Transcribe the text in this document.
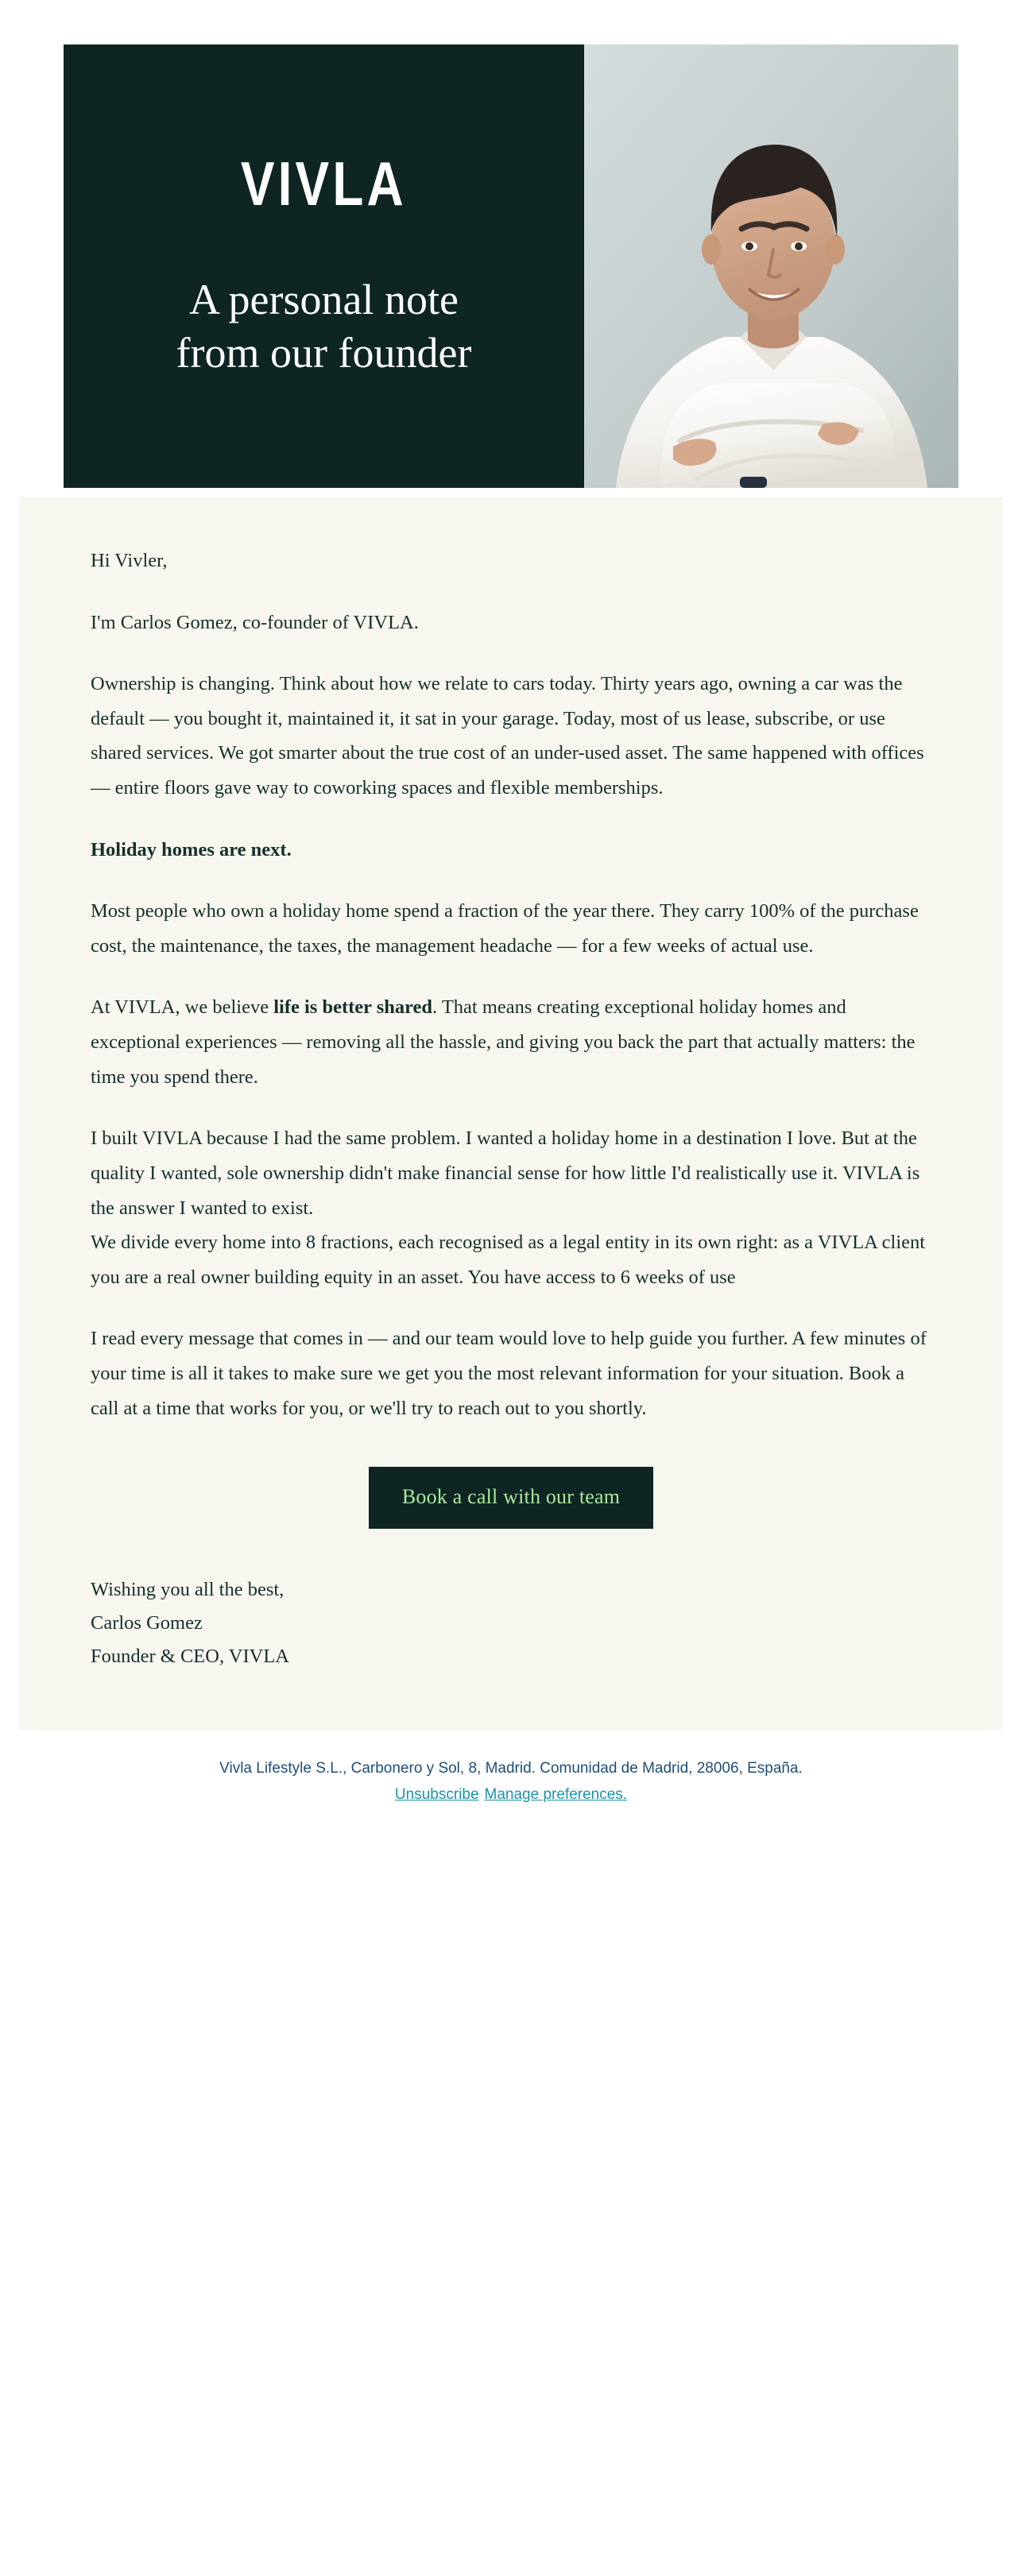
VIVLA
A personal note
from our founder

Hi Vivler,

I'm Carlos Gomez, co-founder of VIVLA.

Ownership is changing. Think about how we relate to cars today. Thirty years ago, owning a car was the default — you bought it, maintained it, it sat in your garage. Today, most of us lease, subscribe, or use shared services. We got smarter about the true cost of an under-used asset. The same happened with offices — entire floors gave way to coworking spaces and flexible memberships.

Holiday homes are next.

Most people who own a holiday home spend a fraction of the year there. They carry 100% of the purchase cost, the maintenance, the taxes, the management headache — for a few weeks of actual use.

At VIVLA, we believe life is better shared. That means creating exceptional holiday homes and exceptional experiences — removing all the hassle, and giving you back the part that actually matters: the time you spend there.

I built VIVLA because I had the same problem. I wanted a holiday home in a destination I love. But at the quality I wanted, sole ownership didn't make financial sense for how little I'd realistically use it. VIVLA is the answer I wanted to exist.

We divide every home into 8 fractions, each recognised as a legal entity in its own right: as a VIVLA client you are a real owner building equity in an asset. You have access to 6 weeks of use

I read every message that comes in — and our team would love to help guide you further. A few minutes of your time is all it takes to make sure we get you the most relevant information for your situation. Book a call at a time that works for you, or we'll try to reach out to you shortly.

Book a call with our team
Wishing you all the best,
Carlos Gomez
Founder & CEO, VIVLA
Vivla Lifestyle S.L., Carbonero y Sol, 8, Madrid. Comunidad de Madrid, 28006, España.
Unsubscribe Manage preferences.
